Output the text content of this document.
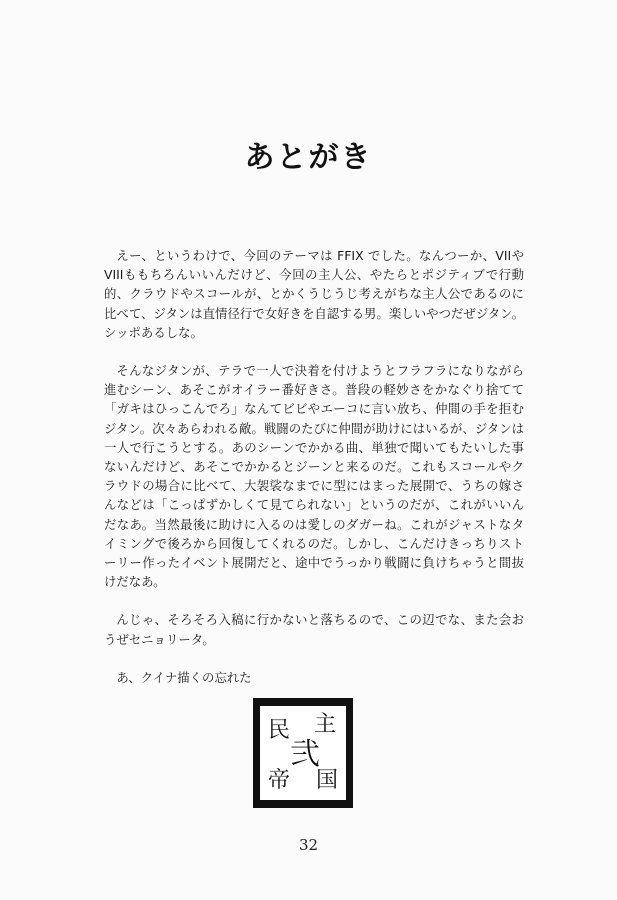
あとがき

えー、というわけで、今回のテーマは FFIX でした。なんつーか、VIIや VIIIももちろんいいんだけど、今回の主人公、やたらとポジティブで行動的、クラウドやスコールが、とかくうじうじ考えがちな主人公であるのに比べて、ジタンは直情径行で女好きを自認する男。楽しいやつだぜジタン。シッポあるしな。

そんなジタンが、テラで一人で決着を付けようとフラフラになりながら進むシーン、あそこがオイラー番好きさ。普段の軽妙さをかなぐり捨てて「ガキはひっこんでろ」なんてビビやエーコに言い放ち、仲間の手を拒むジタン。次々あらわれる敵。戦闘のたびに仲間が助けにはいるが、ジタンは一人で行こうとする。あのシーンでかかる曲、単独で聞いてもたいした事ないんだけど、あそこでかかるとジーンと来るのだ。これもスコールやクラウドの場合に比べて、大袈裟なまでに型にはまった展開で、うちの嫁さんなどは「こっぱずかしくて見てられない」というのだが、これがいいんだなあ。当然最後に助けに入るのは愛しのダガーね。これがジャストなタイミングで後ろから回復してくれるのだ。しかし、こんだけきっちりストーリー作ったイベント展開だと、途中でうっかり戦闘に負けちゃうと間抜けだなあ。

んじゃ、そろそろ入稿に行かないと落ちるので、この辺でな、また会おうぜセニョリータ。

あ、クイナ描くの忘れた

主
民
弐
帝 国
32
